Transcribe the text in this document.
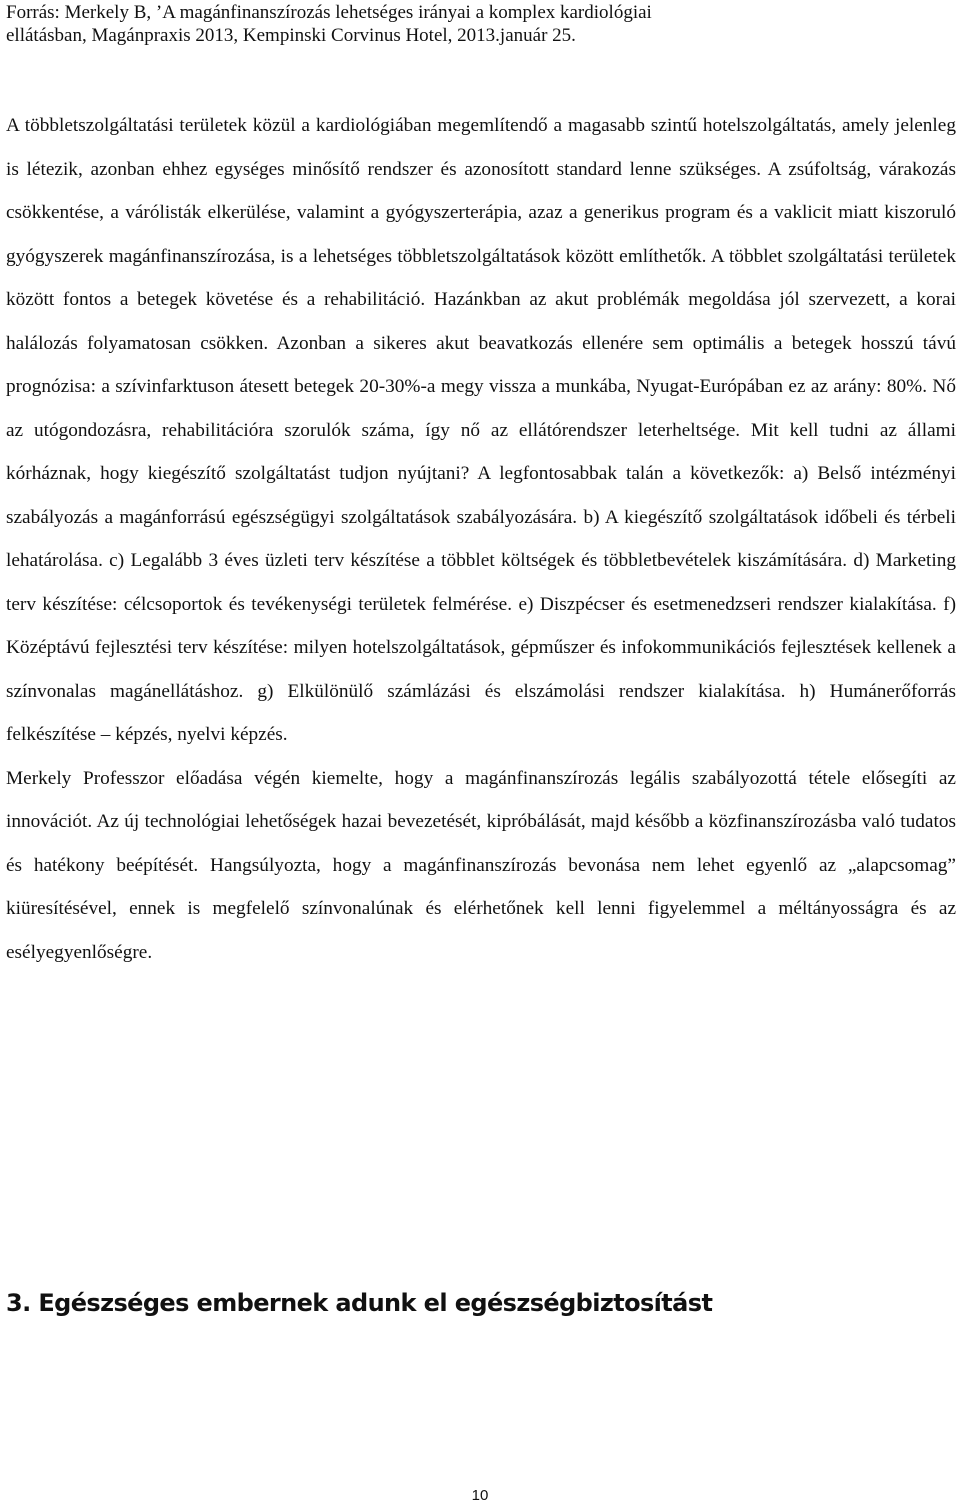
Forrás: Merkely B, ’A magánfinanszírozás lehetséges irányai a komplex kardiológiai
ellátásban, Magánpraxis 2013, Kempinski Corvinus Hotel, 2013.január 25.

A többletszolgáltatási területek közül a kardiológiában megemlítendő a magasabb szintű hotelszolgáltatás, amely jelenleg is létezik, azonban ehhez egységes minősítő rendszer és azonosított standard lenne szükséges. A zsúfoltság, várakozás csökkentése, a várólisták elkerülése, valamint a gyógyszerterápia, azaz a generikus program és a vaklicit miatt kiszoruló gyógyszerek magánfinanszírozása, is a lehetséges többletszolgáltatások között említhetők. A többlet szolgáltatási területek között fontos a betegek követése és a rehabilitáció. Hazánkban az akut problémák megoldása jól szervezett, a korai halálozás folyamatosan csökken. Azonban a sikeres akut beavatkozás ellenére sem optimális a betegek hosszú távú prognózisa: a szívinfarktuson átesett betegek 20-30%-a megy vissza a munkába, Nyugat-Európában ez az arány: 80%. Nő az utógondozásra, rehabilitációra szorulók száma, így nő az ellátórendszer leterheltsége. Mit kell tudni az állami kórháznak, hogy kiegészítő szolgáltatást tudjon nyújtani? A legfontosabbak talán a következők: a) Belső intézményi szabályozás a magánforrású egészségügyi szolgáltatások szabályozására. b) A kiegészítő szolgáltatások időbeli és térbeli lehatárolása. c) Legalább 3 éves üzleti terv készítése a többlet költségek és többletbevételek kiszámítására. d) Marketing terv készítése: célcsoportok és tevékenységi területek felmérése. e) Diszpécser és esetmenedzseri rendszer kialakítása. f) Középtávú fejlesztési terv készítése: milyen hotelszolgáltatások, gépműszer és infokommunikációs fejlesztések kellenek a színvonalas magánellátáshoz. g) Elkülönülő számlázási és elszámolási rendszer kialakítása. h) Humánerőforrás felkészítése – képzés, nyelvi képzés.

Merkely Professzor előadása végén kiemelte, hogy a magánfinanszírozás legális szabályozottá tétele elősegíti az innovációt. Az új technológiai lehetőségek hazai bevezetését, kipróbálását, majd később a közfinanszírozásba való tudatos és hatékony beépítését. Hangsúlyozta, hogy a magánfinanszírozás bevonása nem lehet egyenlő az „alapcsomag” kiüresítésével, ennek is megfelelő színvonalúnak és elérhetőnek kell lenni figyelemmel a méltányosságra és az esélyegyenlőségre.

3. Egészséges embernek adunk el egészségbiztosítást
10
